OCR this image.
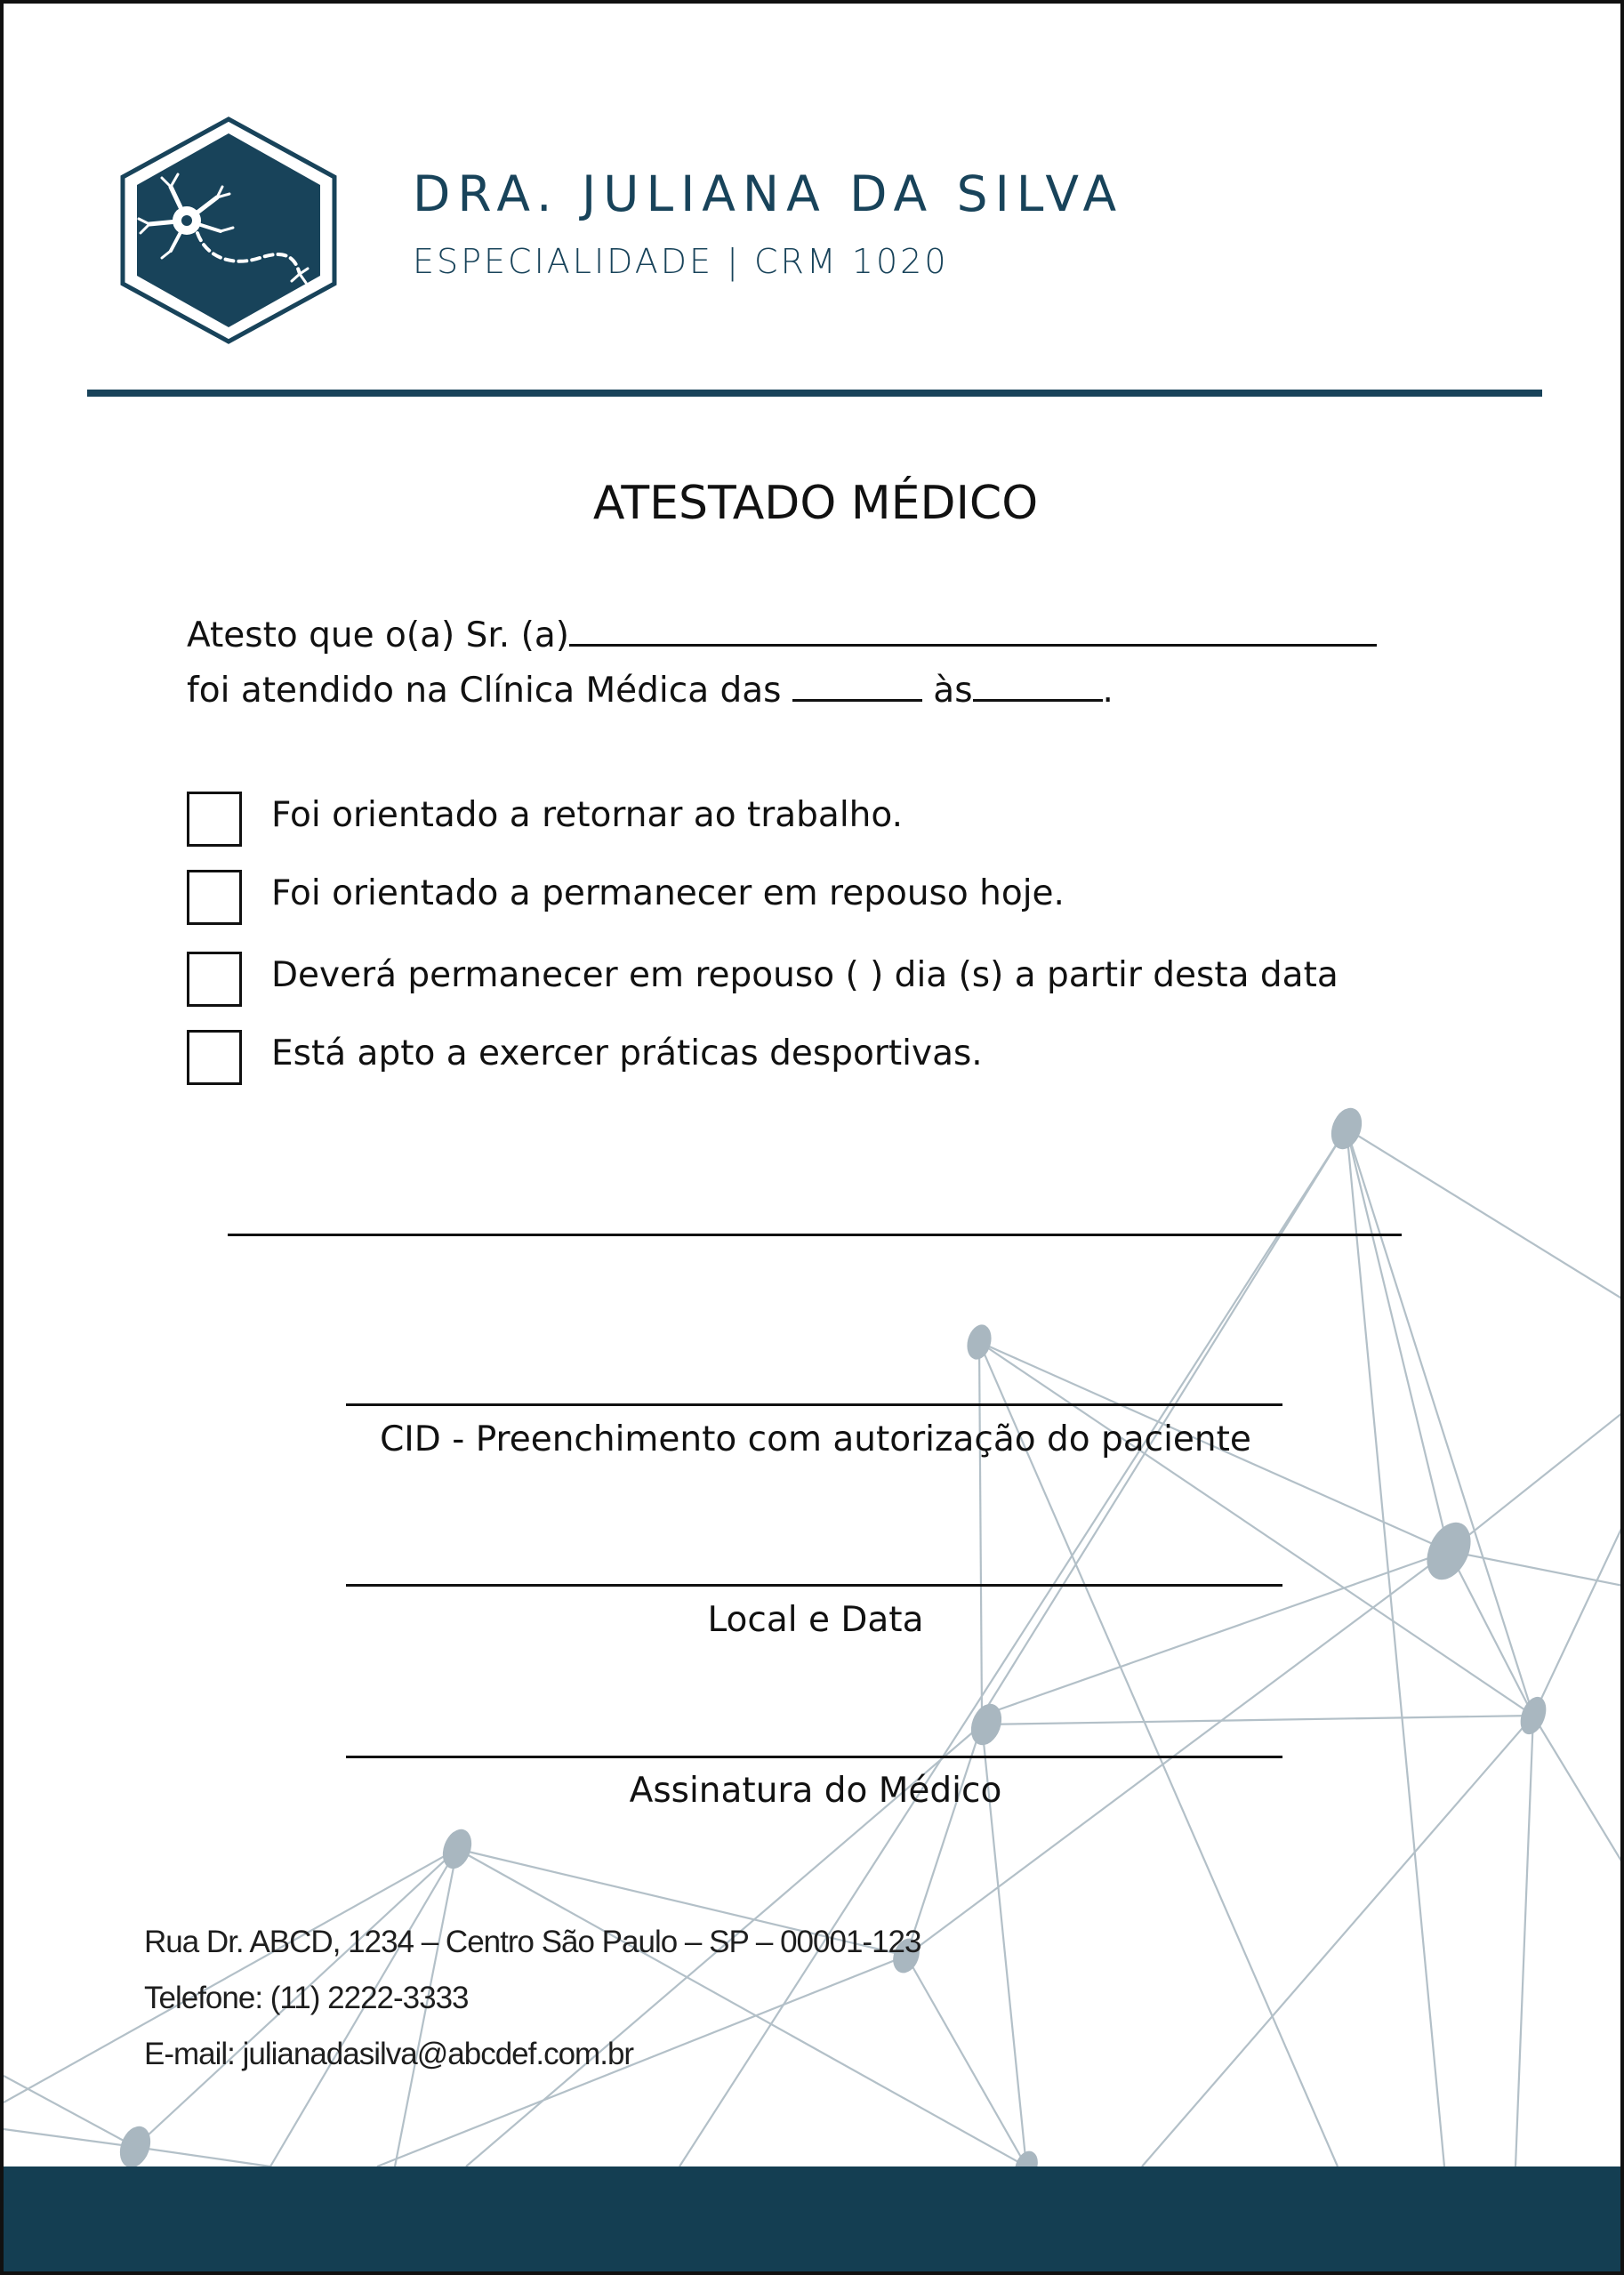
DRA. JULIANA DA SILVA
ESPECIALIDADE | CRM 1020
ATESTADO MÉDICO
Atesto que o(a) Sr. (a)
foi atendido na Clínica Médica das	às	.
Foi orientado a retornar ao trabalho.
Foi orientado a permanecer em repouso hoje.
Deverá permanecer em repouso ( ) dia (s) a partir desta data
Está apto a exercer práticas desportivas.
CID - Preenchimento com autorização do paciente
Local e Data
Assinatura do Médico
Rua Dr. ABCD, 1234 – Centro São Paulo – SP – 00001-123
Telefone: (11) 2222-3333
E-mail: julianadasilva@abcdef.com.br
